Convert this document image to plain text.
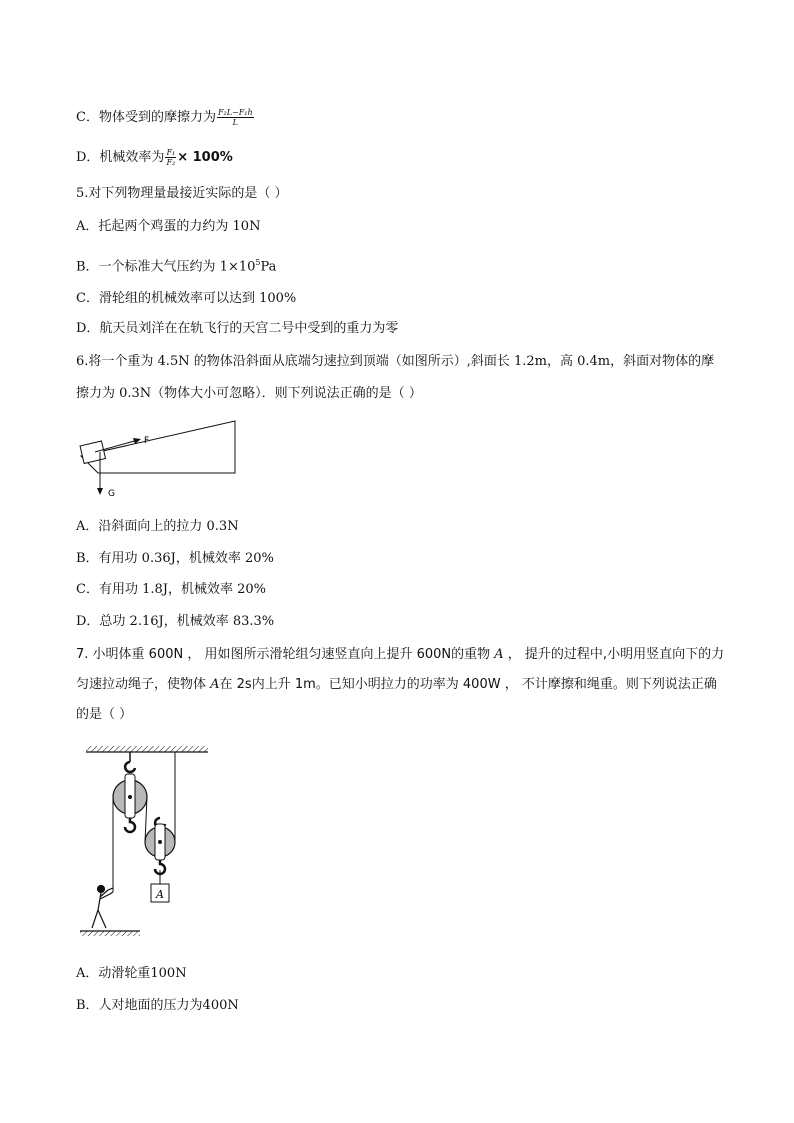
C．物体受到的摩擦力为 $\frac{\text{F₂L−F₁h}}{L}$
D．机械效率为 $\frac{\text{F₁}}{\text{F₂}} \times 100\%$
5.对下列物理量最接近实际的是（ ）
A．托起两个鸡蛋的力约为 10N
B．一个标准大气压约为 $1\times 10^5Pa$
C．滑轮组的机械效率可以达到 100%
D．航天员刘洋在在轨飞行的天宫二号中受到的重力为零
6.将一个重为 4.5N 的物体沿斜面从底端匀速拉到顶端（如图所示）,斜面长 1.2m，高 0.4m，斜面对物体的摩擦力为 0.3N（物体大小可忽略）．则下列说法正确的是（ ）
F
G
A．沿斜面向上的拉力 0.3N
B．有用功 0.36J，机械效率 20%
C．有用功 1.8J，机械效率 20%
D．总功 2.16J，机械效率 83.3%
7. 小明体重 600N ， 用如图所示滑轮组匀速竖直向上提升 600N的重物 A ， 提升的过程中,小明用竖直向下的力匀速拉动绳子，使物体 A在 2s内上升 1m。已知小明拉力的功率为 400W ， 不计摩擦和绳重。则下列说法正确的是（ ）
A
A．动滑轮重100N
B．人对地面的压力为400N
